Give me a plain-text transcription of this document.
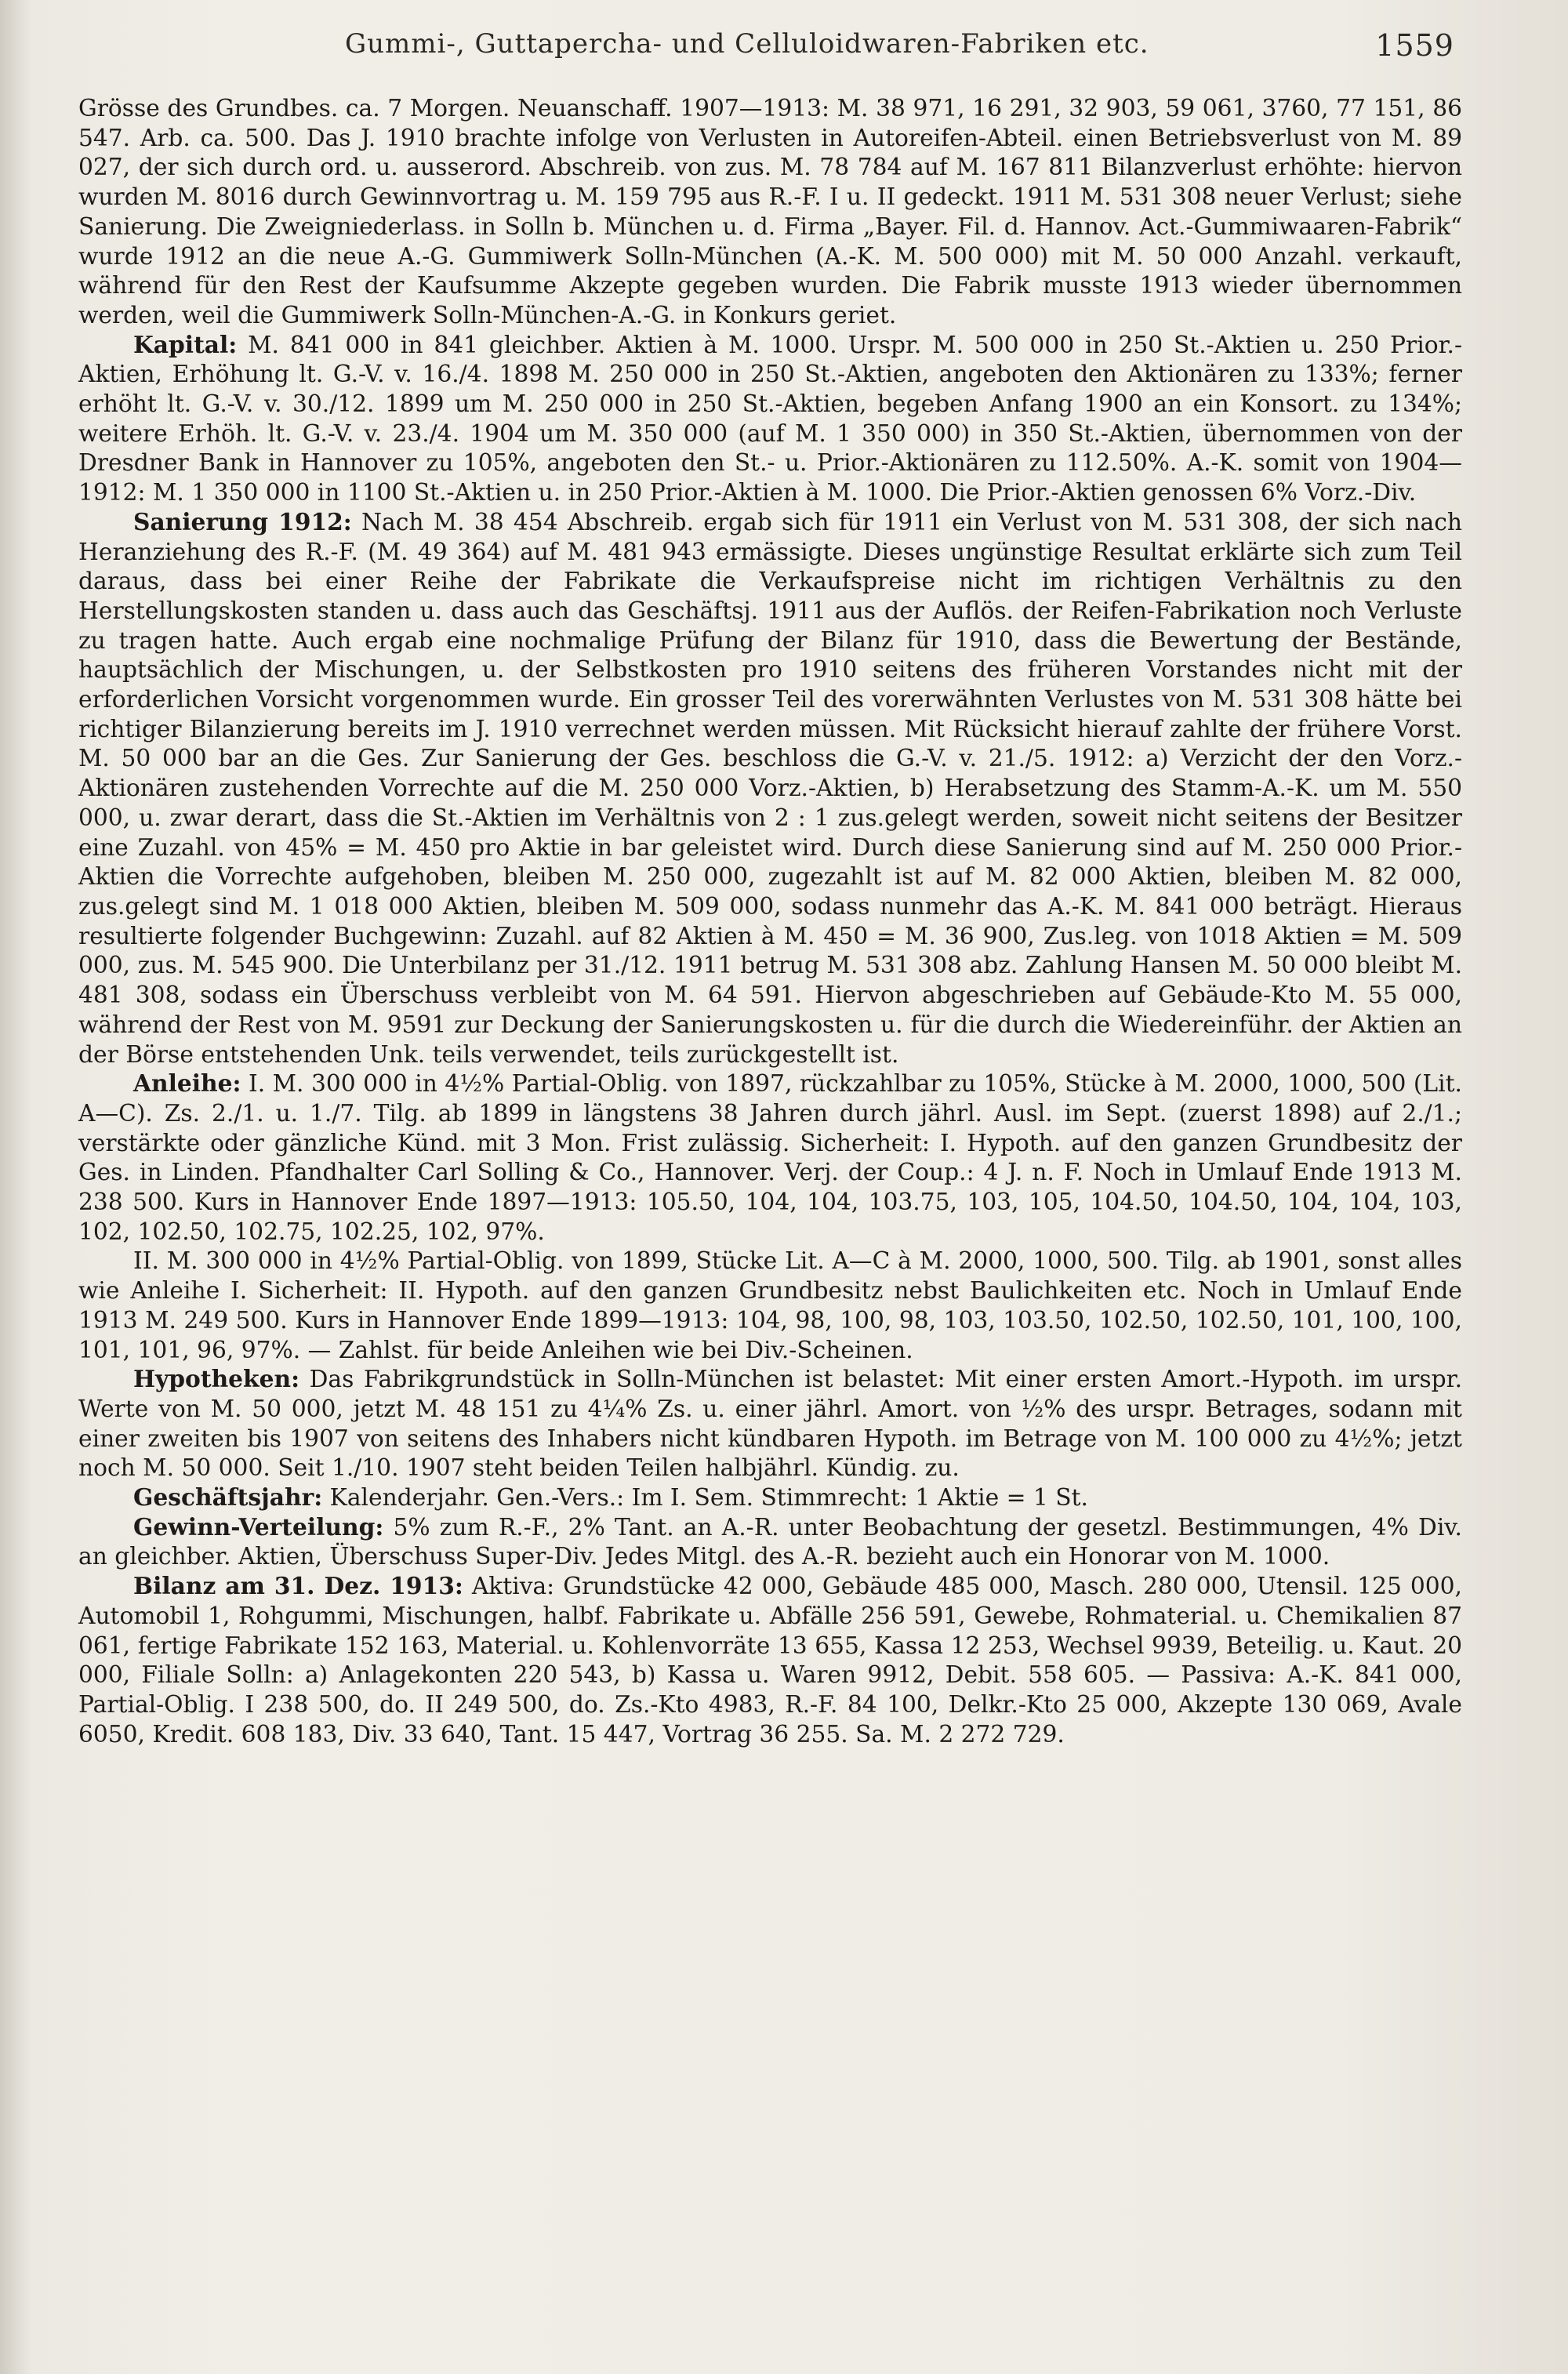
Gummi-, Guttapercha- und Celluloidwaren-Fabriken etc.	1559

Grösse des Grundbes. ca. 7 Morgen. Neuanschaff. 1907—1913: M. 38 971, 16 291, 32 903, 59 061, 3760, 77 151, 86 547. Arb. ca. 500. Das J. 1910 brachte infolge von Verlusten in Autoreifen-Abteil. einen Betriebsverlust von M. 89 027, der sich durch ord. u. ausserord. Abschreib. von zus. M. 78 784 auf M. 167 811 Bilanzverlust erhöhte: hiervon wurden M. 8016 durch Gewinnvortrag u. M. 159 795 aus R.-F. I u. II gedeckt. 1911 M. 531 308 neuer Verlust; siehe Sanierung. Die Zweigniederlass. in Solln b. München u. d. Firma „Bayer. Fil. d. Hannov. Act.-Gummiwaaren-Fabrik“ wurde 1912 an die neue A.-G. Gummiwerk Solln-München (A.-K. M. 500 000) mit M. 50 000 Anzahl. verkauft, während für den Rest der Kaufsumme Akzepte gegeben wurden. Die Fabrik musste 1913 wieder übernommen werden, weil die Gummiwerk Solln-München-A.-G. in Konkurs geriet.

Kapital: M. 841 000 in 841 gleichber. Aktien à M. 1000. Urspr. M. 500 000 in 250 St.-Aktien u. 250 Prior.-Aktien, Erhöhung lt. G.-V. v. 16./4. 1898 M. 250 000 in 250 St.-Aktien, angeboten den Aktionären zu 133%; ferner erhöht lt. G.-V. v. 30./12. 1899 um M. 250 000 in 250 St.-Aktien, begeben Anfang 1900 an ein Konsort. zu 134%; weitere Erhöh. lt. G.-V. v. 23./4. 1904 um M. 350 000 (auf M. 1 350 000) in 350 St.-Aktien, übernommen von der Dresdner Bank in Hannover zu 105%, angeboten den St.- u. Prior.-Aktionären zu 112.50%. A.-K. somit von 1904—1912: M. 1 350 000 in 1100 St.-Aktien u. in 250 Prior.-Aktien à M. 1000. Die Prior.-Aktien genossen 6% Vorz.-Div.

Sanierung 1912: Nach M. 38 454 Abschreib. ergab sich für 1911 ein Verlust von M. 531 308, der sich nach Heranziehung des R.-F. (M. 49 364) auf M. 481 943 ermässigte. Dieses ungünstige Resultat erklärte sich zum Teil daraus, dass bei einer Reihe der Fabrikate die Verkaufspreise nicht im richtigen Verhältnis zu den Herstellungskosten standen u. dass auch das Geschäftsj. 1911 aus der Auflös. der Reifen-Fabrikation noch Verluste zu tragen hatte. Auch ergab eine nochmalige Prüfung der Bilanz für 1910, dass die Bewertung der Bestände, hauptsächlich der Mischungen, u. der Selbstkosten pro 1910 seitens des früheren Vorstandes nicht mit der erforderlichen Vorsicht vorgenommen wurde. Ein grosser Teil des vorerwähnten Verlustes von M. 531 308 hätte bei richtiger Bilanzierung bereits im J. 1910 verrechnet werden müssen. Mit Rücksicht hierauf zahlte der frühere Vorst. M. 50 000 bar an die Ges. Zur Sanierung der Ges. beschloss die G.-V. v. 21./5. 1912: a) Verzicht der den Vorz.-Aktionären zustehenden Vorrechte auf die M. 250 000 Vorz.-Aktien, b) Herabsetzung des Stamm-A.-K. um M. 550 000, u. zwar derart, dass die St.-Aktien im Verhältnis von 2 : 1 zus.gelegt werden, soweit nicht seitens der Besitzer eine Zuzahl. von 45% = M. 450 pro Aktie in bar geleistet wird. Durch diese Sanierung sind auf M. 250 000 Prior.-Aktien die Vorrechte aufgehoben, bleiben M. 250 000, zugezahlt ist auf M. 82 000 Aktien, bleiben M. 82 000, zus.gelegt sind M. 1 018 000 Aktien, bleiben M. 509 000, sodass nunmehr das A.-K. M. 841 000 beträgt. Hieraus resultierte folgender Buchgewinn: Zuzahl. auf 82 Aktien à M. 450 = M. 36 900, Zus.leg. von 1018 Aktien = M. 509 000, zus. M. 545 900. Die Unterbilanz per 31./12. 1911 betrug M. 531 308 abz. Zahlung Hansen M. 50 000 bleibt M. 481 308, sodass ein Überschuss verbleibt von M. 64 591. Hiervon abgeschrieben auf Gebäude-Kto M. 55 000, während der Rest von M. 9591 zur Deckung der Sanierungskosten u. für die durch die Wiedereinführ. der Aktien an der Börse entstehenden Unk. teils verwendet, teils zurückgestellt ist.

Anleihe: I. M. 300 000 in 4½% Partial-Oblig. von 1897, rückzahlbar zu 105%, Stücke à M. 2000, 1000, 500 (Lit. A—C). Zs. 2./1. u. 1./7. Tilg. ab 1899 in längstens 38 Jahren durch jährl. Ausl. im Sept. (zuerst 1898) auf 2./1.; verstärkte oder gänzliche Künd. mit 3 Mon. Frist zulässig. Sicherheit: I. Hypoth. auf den ganzen Grundbesitz der Ges. in Linden. Pfandhalter Carl Solling & Co., Hannover. Verj. der Coup.: 4 J. n. F. Noch in Umlauf Ende 1913 M. 238 500. Kurs in Hannover Ende 1897—1913: 105.50, 104, 104, 103.75, 103, 105, 104.50, 104.50, 104, 104, 103, 102, 102.50, 102.75, 102.25, 102, 97%.

II. M. 300 000 in 4½% Partial-Oblig. von 1899, Stücke Lit. A—C à M. 2000, 1000, 500. Tilg. ab 1901, sonst alles wie Anleihe I. Sicherheit: II. Hypoth. auf den ganzen Grundbesitz nebst Baulichkeiten etc. Noch in Umlauf Ende 1913 M. 249 500. Kurs in Hannover Ende 1899—1913: 104, 98, 100, 98, 103, 103.50, 102.50, 102.50, 101, 100, 100, 101, 101, 96, 97%. — Zahlst. für beide Anleihen wie bei Div.-Scheinen.

Hypotheken: Das Fabrikgrundstück in Solln-München ist belastet: Mit einer ersten Amort.-Hypoth. im urspr. Werte von M. 50 000, jetzt M. 48 151 zu 4¼% Zs. u. einer jährl. Amort. von ½% des urspr. Betrages, sodann mit einer zweiten bis 1907 von seitens des Inhabers nicht kündbaren Hypoth. im Betrage von M. 100 000 zu 4½%; jetzt noch M. 50 000. Seit 1./10. 1907 steht beiden Teilen halbjährl. Kündig. zu.

Geschäftsjahr: Kalenderjahr. Gen.-Vers.: Im I. Sem. Stimmrecht: 1 Aktie = 1 St.

Gewinn-Verteilung: 5% zum R.-F., 2% Tant. an A.-R. unter Beobachtung der gesetzl. Bestimmungen, 4% Div. an gleichber. Aktien, Überschuss Super-Div. Jedes Mitgl. des A.-R. bezieht auch ein Honorar von M. 1000.

Bilanz am 31. Dez. 1913: Aktiva: Grundstücke 42 000, Gebäude 485 000, Masch. 280 000, Utensil. 125 000, Automobil 1, Rohgummi, Mischungen, halbf. Fabrikate u. Abfälle 256 591, Gewebe, Rohmaterial. u. Chemikalien 87 061, fertige Fabrikate 152 163, Material. u. Kohlenvorräte 13 655, Kassa 12 253, Wechsel 9939, Beteilig. u. Kaut. 20 000, Filiale Solln: a) Anlagekonten 220 543, b) Kassa u. Waren 9912, Debit. 558 605. — Passiva: A.-K. 841 000, Partial-Oblig. I 238 500, do. II 249 500, do. Zs.-Kto 4983, R.-F. 84 100, Delkr.-Kto 25 000, Akzepte 130 069, Avale 6050, Kredit. 608 183, Div. 33 640, Tant. 15 447, Vortrag 36 255. Sa. M. 2 272 729.
